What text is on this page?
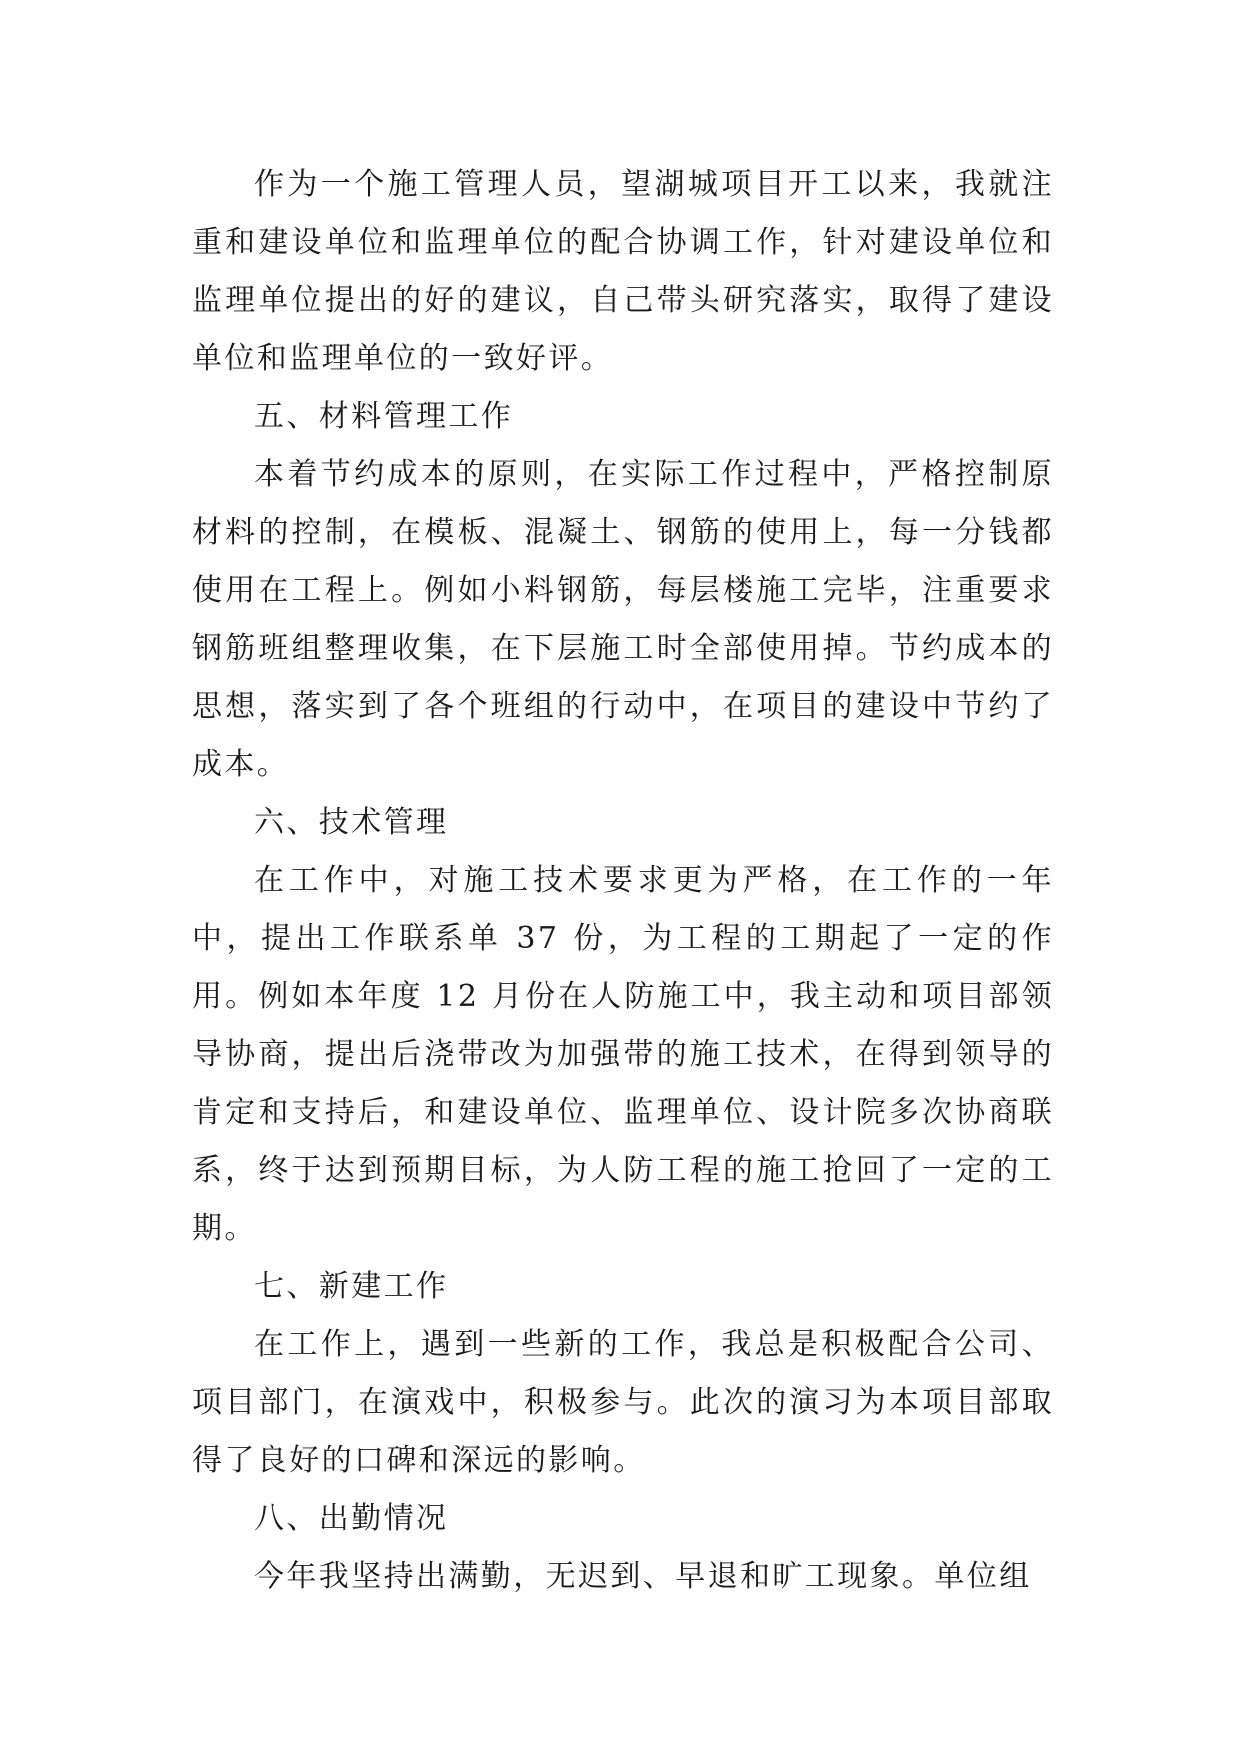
作为一个施工管理人员，望湖城项目开工以来，我就注重和建设单位和监理单位的配合协调工作，针对建设单位和监理单位提出的好的建议，自己带头研究落实，取得了建设单位和监理单位的一致好评。

五、材料管理工作

本着节约成本的原则，在实际工作过程中，严格控制原材料的控制，在模板、混凝土、钢筋的使用上，每一分钱都使用在工程上。例如小料钢筋，每层楼施工完毕，注重要求钢筋班组整理收集，在下层施工时全部使用掉。节约成本的思想，落实到了各个班组的行动中，在项目的建设中节约了成本。

六、技术管理

在工作中，对施工技术要求更为严格，在工作的一年中，提出工作联系单 37 份，为工程的工期起了一定的作用。例如本年度 12 月份在人防施工中，我主动和项目部领导协商，提出后浇带改为加强带的施工技术，在得到领导的肯定和支持后，和建设单位、监理单位、设计院多次协商联系，终于达到预期目标，为人防工程的施工抢回了一定的工期。

七、新建工作

在工作上，遇到一些新的工作，我总是积极配合公司、项目部门，在演戏中，积极参与。此次的演习为本项目部取得了良好的口碑和深远的影响。

八、出勤情况

今年我坚持出满勤，无迟到、早退和旷工现象。单位组
